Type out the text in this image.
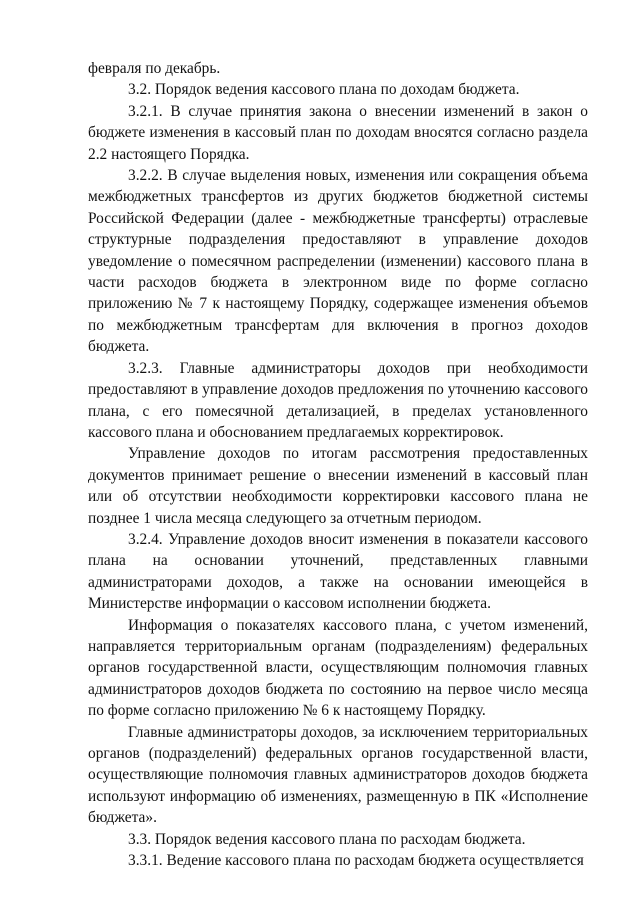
февраля по декабрь.

3.2. Порядок ведения кассового плана по доходам бюджета.

3.2.1. В случае принятия закона о внесении изменений в закон о бюджете изменения в кассовый план по доходам вносятся согласно раздела 2.2 настоящего Порядка.

3.2.2. В случае выделения новых, изменения или сокращения объема межбюджетных трансфертов из других бюджетов бюджетной системы Российской Федерации (далее - межбюджетные трансферты) отраслевые структурные подразделения предоставляют в управление доходов уведомление о помесячном распределении (изменении) кассового плана в части расходов бюджета в электронном виде по форме согласно приложению № 7 к настоящему Порядку, содержащее изменения объемов по межбюджетным трансфертам для включения в прогноз доходов бюджета.

3.2.3. Главные администраторы доходов при необходимости предоставляют в управление доходов предложения по уточнению кассового плана, с его помесячной детализацией, в пределах установленного кассового плана и обоснованием предлагаемых корректировок.

Управление доходов по итогам рассмотрения предоставленных документов принимает решение о внесении изменений в кассовый план или об отсутствии необходимости корректировки кассового плана не позднее 1 числа месяца следующего за отчетным периодом.

3.2.4. Управление доходов вносит изменения в показатели кассового плана на основании уточнений, представленных главными администраторами доходов, а также на основании имеющейся в Министерстве информации о кассовом исполнении бюджета.

Информация о показателях кассового плана, с учетом изменений, направляется территориальным органам (подразделениям) федеральных органов государственной власти, осуществляющим полномочия главных администраторов доходов бюджета по состоянию на первое число месяца по форме согласно приложению № 6 к настоящему Порядку.

Главные администраторы доходов, за исключением территориальных органов (подразделений) федеральных органов государственной власти, осуществляющие полномочия главных администраторов доходов бюджета используют информацию об изменениях, размещенную в ПК «Исполнение бюджета».

3.3. Порядок ведения кассового плана по расходам бюджета.

3.3.1. Ведение кассового плана по расходам бюджета осуществляется
